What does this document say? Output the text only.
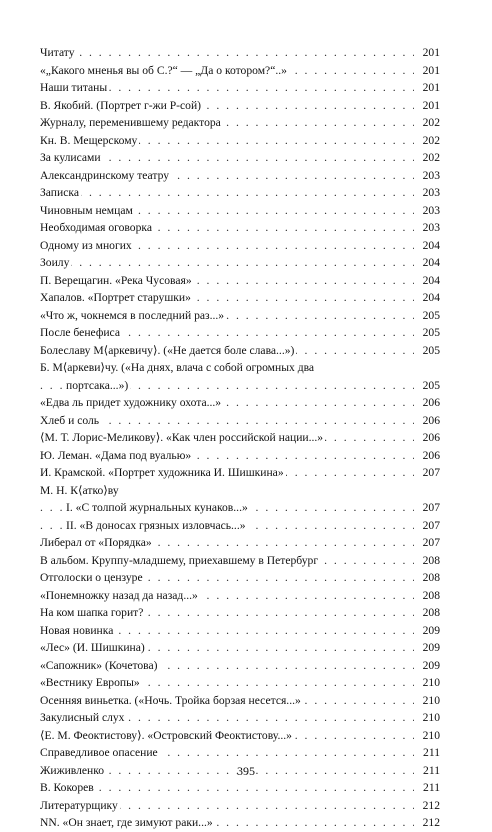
. . .
Читату	201
. . .
«„Какого мненья вы об С.?“ — „Да о котором?“..»	201
. . .
Наши титаны	201
. . .
В. Якобий. (Портрет г-жи Р-сой)	201
. . .
Журналу, переменившему редактора	202
. . .
Кн. В. Мещерскому	202
. . .
За кулисами	202
. . .
Александринскому театру	203
. . .
Записка	203
. . .
Чиновным немцам	203
. . .
Необходимая оговорка	203
. . .
Одному из многих	204
. . .
Зоилу	204
. . .
П. Верещагин. «Река Чусовая»	204
. . .
Хапалов. «Портрет старушки»	204
. . .
«Что ж, чокнемся в последний раз...»	205
. . .
После бенефиса	205
. . .
Болеславу М⟨аркевичу⟩. («Не дается боле слава...»)	205
Б. М⟨аркеви⟩чу. («На днях, влача с собой огромных два
. . .
портсака...»)	205
. . .
«Едва ль придет художнику охота...»	206
. . .
Хлеб и соль	206
. . .
⟨М. Т. Лорис-Меликову⟩. «Как член российской нации...»	206
. . .
Ю. Леман. «Дама под вуалью»	206
. . .
И. Крамской. «Портрет художника И. Шишкина»	207
М. Н. К⟨атко⟩ву
. . .
I. «С толпой журнальных кунаков...»	207
. . .
II. «В доносах грязных изловчась...»	207
. . .
Либерал от «Порядка»	207
. . .
В альбом. Круппу-младшему, приехавшему в Петербург	208
. . .
Отголоски о цензуре	208
. . .
«Понемножку назад да назад...»	208
. . .
На ком шапка горит?	208
. . .
Новая новинка	209
. . .
«Лес» (И. Шишкина)	209
. . .
«Сапожник» (Кочетова)	209
. . .
«Вестнику Европы»	210
. . .
Осенняя виньетка. («Ночь. Тройка борзая несется...»	210
. . .
Закулисный слух	210
. . .
⟨Е. М. Феоктистову⟩. «Островский Феоктистову...»	210
. . .
Справедливое опасение	211
. . .
Жиживленко	211
. . .
В. Кокорев	211
. . .
Литературщику	212
. . .
NN. «Он знает, где зимуют раки...»	212
395
